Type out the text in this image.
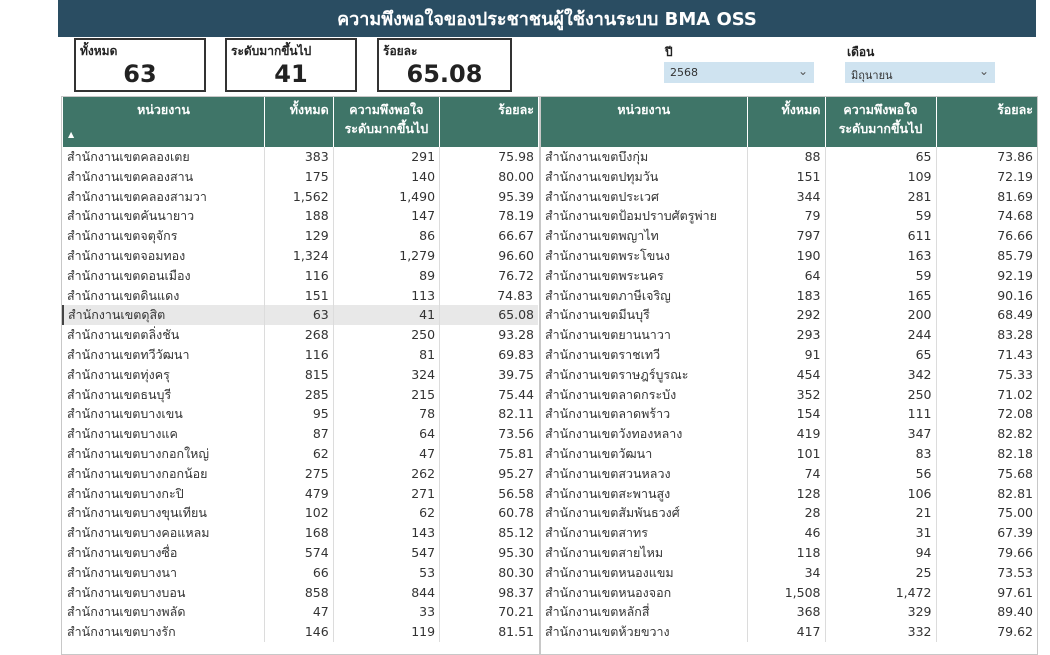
ความพึงพอใจของประชาชนผู้ใช้งานระบบ BMA OSS
ทั้งหมด
63
ระดับมากขึ้นไป
41
ร้อยละ
65.08
ปี
2568	⌄
เดือน
มิถุนายน	⌄
หน่วยงาน
▲	ทั้งหมด	ความพึงพอใจระดับมากขึ้นไป	ร้อยละ
สำนักงานเขตคลองเตย	383	291	75.98
สำนักงานเขตคลองสาน	175	140	80.00
สำนักงานเขตคลองสามวา	1,562	1,490	95.39
สำนักงานเขตคันนายาว	188	147	78.19
สำนักงานเขตจตุจักร	129	86	66.67
สำนักงานเขตจอมทอง	1,324	1,279	96.60
สำนักงานเขตดอนเมือง	116	89	76.72
สำนักงานเขตดินแดง	151	113	74.83
สำนักงานเขตดุสิต	63	41	65.08
สำนักงานเขตตลิ่งชัน	268	250	93.28
สำนักงานเขตทวีวัฒนา	116	81	69.83
สำนักงานเขตทุ่งครุ	815	324	39.75
สำนักงานเขตธนบุรี	285	215	75.44
สำนักงานเขตบางเขน	95	78	82.11
สำนักงานเขตบางแค	87	64	73.56
สำนักงานเขตบางกอกใหญ่	62	47	75.81
สำนักงานเขตบางกอกน้อย	275	262	95.27
สำนักงานเขตบางกะปิ	479	271	56.58
สำนักงานเขตบางขุนเทียน	102	62	60.78
สำนักงานเขตบางคอแหลม	168	143	85.12
สำนักงานเขตบางซื่อ	574	547	95.30
สำนักงานเขตบางนา	66	53	80.30
สำนักงานเขตบางบอน	858	844	98.37
สำนักงานเขตบางพลัด	47	33	70.21
สำนักงานเขตบางรัก	146	119	81.51
หน่วยงาน	ทั้งหมด	ความพึงพอใจระดับมากขึ้นไป	ร้อยละ
สำนักงานเขตบึงกุ่ม	88	65	73.86
สำนักงานเขตปทุมวัน	151	109	72.19
สำนักงานเขตประเวศ	344	281	81.69
สำนักงานเขตป้อมปราบศัตรูพ่าย	79	59	74.68
สำนักงานเขตพญาไท	797	611	76.66
สำนักงานเขตพระโขนง	190	163	85.79
สำนักงานเขตพระนคร	64	59	92.19
สำนักงานเขตภาษีเจริญ	183	165	90.16
สำนักงานเขตมีนบุรี	292	200	68.49
สำนักงานเขตยานนาวา	293	244	83.28
สำนักงานเขตราชเทวี	91	65	71.43
สำนักงานเขตราษฎร์บูรณะ	454	342	75.33
สำนักงานเขตลาดกระบัง	352	250	71.02
สำนักงานเขตลาดพร้าว	154	111	72.08
สำนักงานเขตวังทองหลาง	419	347	82.82
สำนักงานเขตวัฒนา	101	83	82.18
สำนักงานเขตสวนหลวง	74	56	75.68
สำนักงานเขตสะพานสูง	128	106	82.81
สำนักงานเขตสัมพันธวงศ์	28	21	75.00
สำนักงานเขตสาทร	46	31	67.39
สำนักงานเขตสายไหม	118	94	79.66
สำนักงานเขตหนองแขม	34	25	73.53
สำนักงานเขตหนองจอก	1,508	1,472	97.61
สำนักงานเขตหลักสี่	368	329	89.40
สำนักงานเขตห้วยขวาง	417	332	79.62
